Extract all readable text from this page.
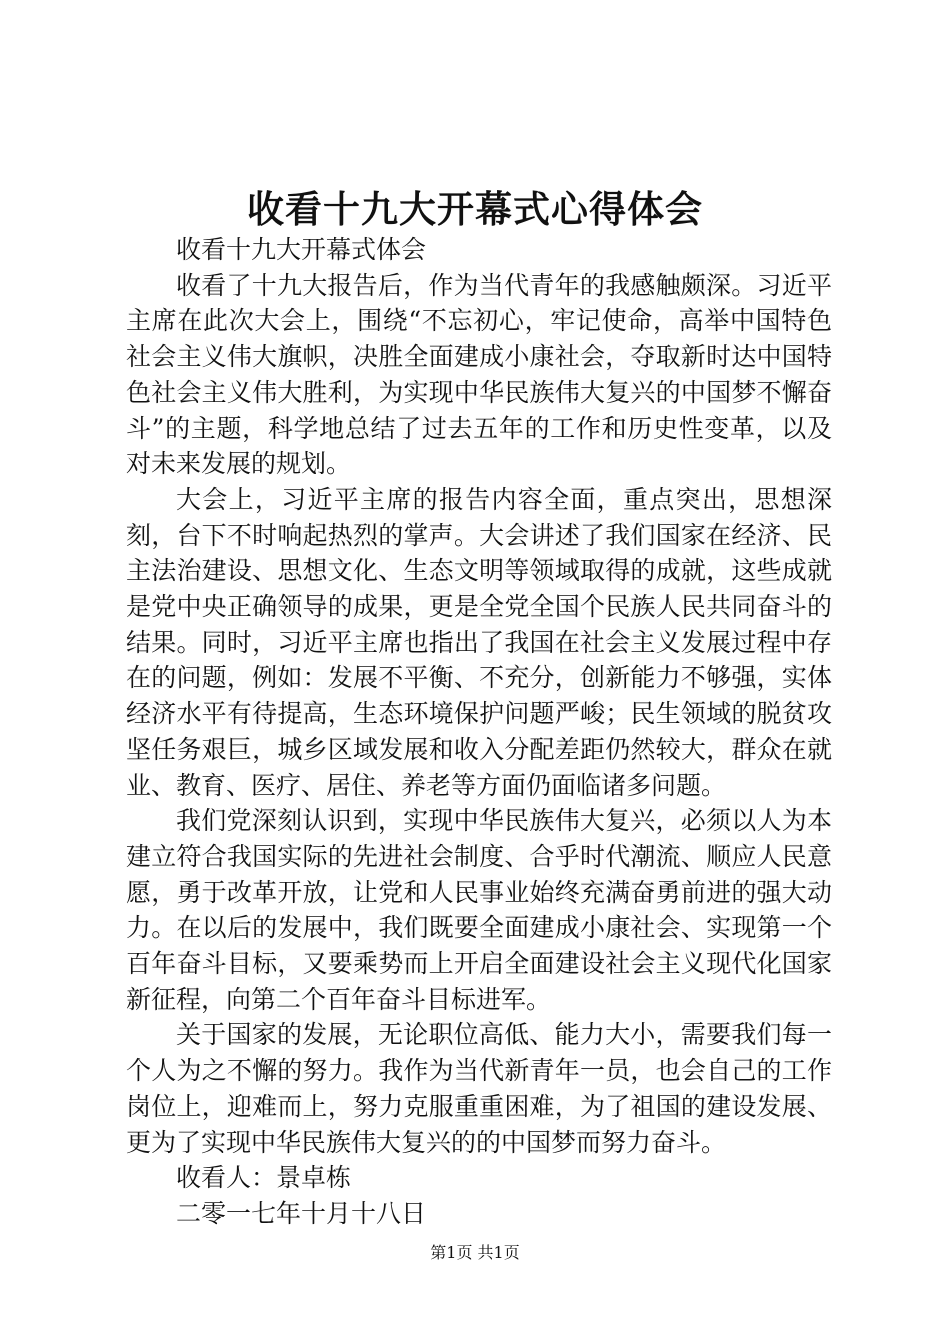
收看十九大开幕式心得体会

收看十九大开幕式体会

收看了十九大报告后，作为当代青年的我感触颇深。习近平主席在此次大会上，围绕“不忘初心，牢记使命，高举中国特色社会主义伟大旗帜，决胜全面建成小康社会，夺取新时达中国特色社会主义伟大胜利，为实现中华民族伟大复兴的中国梦不懈奋斗”的主题，科学地总结了过去五年的工作和历史性变革，以及对未来发展的规划。

大会上，习近平主席的报告内容全面，重点突出，思想深刻，台下不时响起热烈的掌声。大会讲述了我们国家在经济、民主法治建设、思想文化、生态文明等领域取得的成就，这些成就是党中央正确领导的成果，更是全党全国个民族人民共同奋斗的结果。同时，习近平主席也指出了我国在社会主义发展过程中存在的问题，例如：发展不平衡、不充分，创新能力不够强，实体经济水平有待提高，生态环境保护问题严峻；民生领域的脱贫攻坚任务艰巨，城乡区域发展和收入分配差距仍然较大，群众在就业、教育、医疗、居住、养老等方面仍面临诸多问题。

我们党深刻认识到，实现中华民族伟大复兴，必须以人为本建立符合我国实际的先进社会制度、合乎时代潮流、顺应人民意愿，勇于改革开放，让党和人民事业始终充满奋勇前进的强大动力。在以后的发展中，我们既要全面建成小康社会、实现第一个百年奋斗目标，又要乘势而上开启全面建设社会主义现代化国家新征程，向第二个百年奋斗目标进军。

关于国家的发展，无论职位高低、能力大小，需要我们每一个人为之不懈的努力。我作为当代新青年一员，也会自己的工作岗位上，迎难而上，努力克服重重困难，为了祖国的建设发展、更为了实现中华民族伟大复兴的的中国梦而努力奋斗。

收看人：景卓栋

二零一七年十月十八日

第1页 共1页
